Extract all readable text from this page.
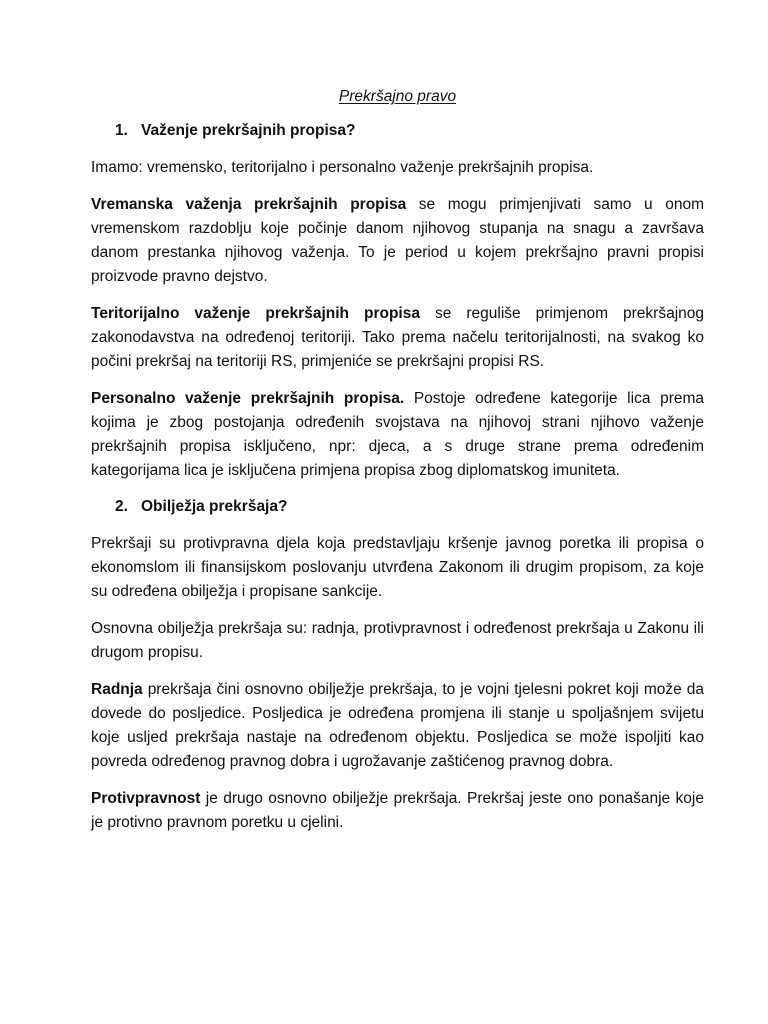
Prekršajno pravo
1. Važenje prekršajnih propisa?

Imamo: vremensko, teritorijalno i personalno važenje prekršajnih propisa.

Vremanska važenja prekršajnih propisa se mogu primjenjivati samo u onom vremenskom razdoblju koje počinje danom njihovog stupanja na snagu a završava danom prestanka njihovog važenja. To je period u kojem prekršajno pravni propisi proizvode pravno dejstvo.

Teritorijalno važenje prekršajnih propisa se reguliše primjenom prekršajnog zakonodavstva na određenoj teritoriji. Tako prema načelu teritorijalnosti, na svakog ko počini prekršaj na teritoriji RS, primjeniće se prekršajni propisi RS.

Personalno važenje prekršajnih propisa. Postoje određene kategorije lica prema kojima je zbog postojanja određenih svojstava na njihovoj strani njihovo važenje prekršajnih propisa isključeno, npr: djeca, a s druge strane prema određenim kategorijama lica je isključena primjena propisa zbog diplomatskog imuniteta.

2. Obilježja prekršaja?

Prekršaji su protivpravna djela koja predstavljaju kršenje javnog poretka ili propisa o ekonomslom ili finansijskom poslovanju utvrđena Zakonom ili drugim propisom, za koje su određena obilježja i propisane sankcije.

Osnovna obilježja prekršaja su: radnja, protivpravnost i određenost prekršaja u Zakonu ili drugom propisu.

Radnja prekršaja čini osnovno obilježje prekršaja, to je vojni tjelesni pokret koji može da dovede do posljedice. Posljedica je određena promjena ili stanje u spoljašnjem svijetu koje usljed prekršaja nastaje na određenom objektu. Posljedica se može ispoljiti kao povreda određenog pravnog dobra i ugrožavanje zaštićenog pravnog dobra.

Protivpravnost je drugo osnovno obilježje prekršaja. Prekršaj jeste ono ponašanje koje je protivno pravnom poretku u cjelini.
